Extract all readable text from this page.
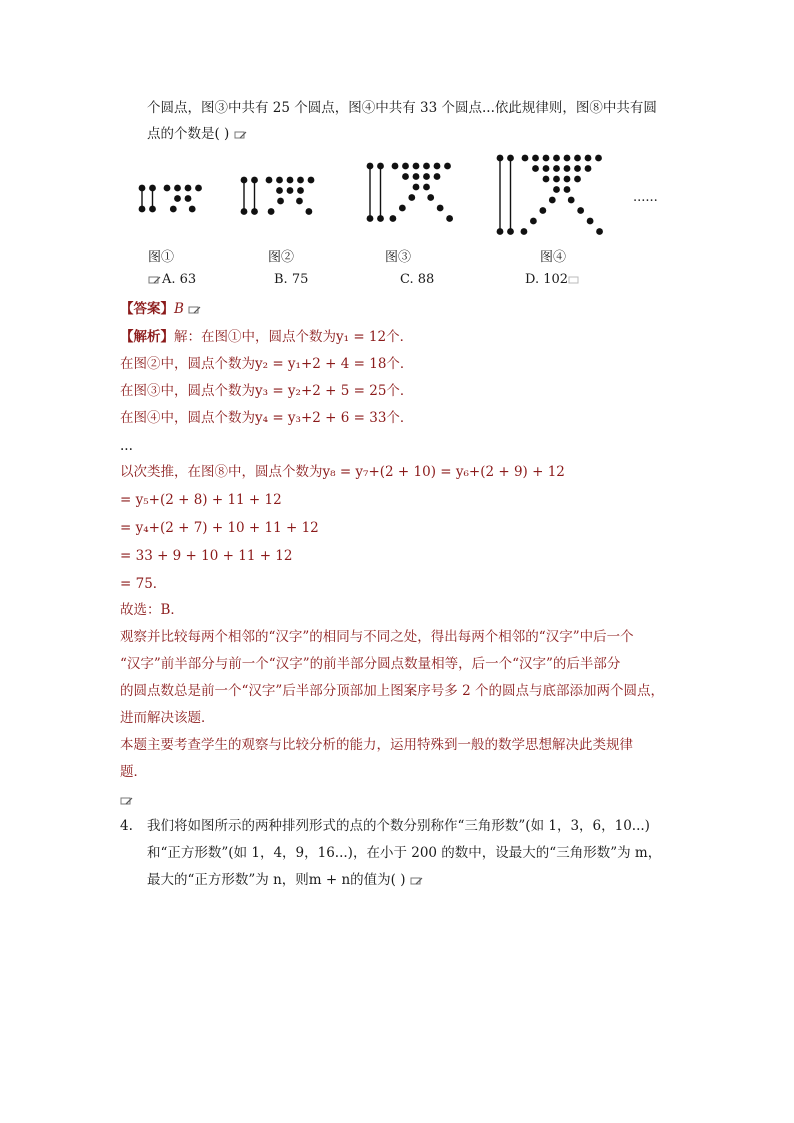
个圆点，图③中共有 25 个圆点，图④中共有 33 个圆点...依此规律则，图⑧中共有圆
点的个数是( )
图①	图②	图③	图④
......
A. 63	B. 75	C. 88	D. 102
【答案】B
【解析】解：在图①中，圆点个数为y₁ = 12个．
在图②中，圆点个数为y₂ = y₁+2 + 4 = 18个．
在图③中，圆点个数为y₃ = y₂+2 + 5 = 25个．
在图④中，圆点个数为y₄ = y₃+2 + 6 = 33个．
...
以次类推，在图⑧中，圆点个数为y₈ = y₇+(2 + 10) = y₆+(2 + 9) + 12
= y₅+(2 + 8) + 11 + 12
= y₄+(2 + 7) + 10 + 11 + 12
= 33 + 9 + 10 + 11 + 12
= 75．
故选：B．
观察并比较每两个相邻的“汉字”的相同与不同之处，得出每两个相邻的“汉字”中后一个
“汉字”前半部分与前一个“汉字”的前半部分圆点数量相等，后一个“汉字”的后半部分
的圆点数总是前一个“汉字”后半部分顶部加上图案序号多 2 个的圆点与底部添加两个圆点，
进而解决该题．
本题主要考查学生的观察与比较分析的能力，运用特殊到一般的数学思想解决此类规律
题．
4. 我们将如图所示的两种排列形式的点的个数分别称作“三角形数”(如 1，3，6，10...)
和“正方形数”(如 1，4，9，16...)，在小于 200 的数中，设最大的“三角形数”为 m，
最大的“正方形数”为 n，则m + n的值为( )
